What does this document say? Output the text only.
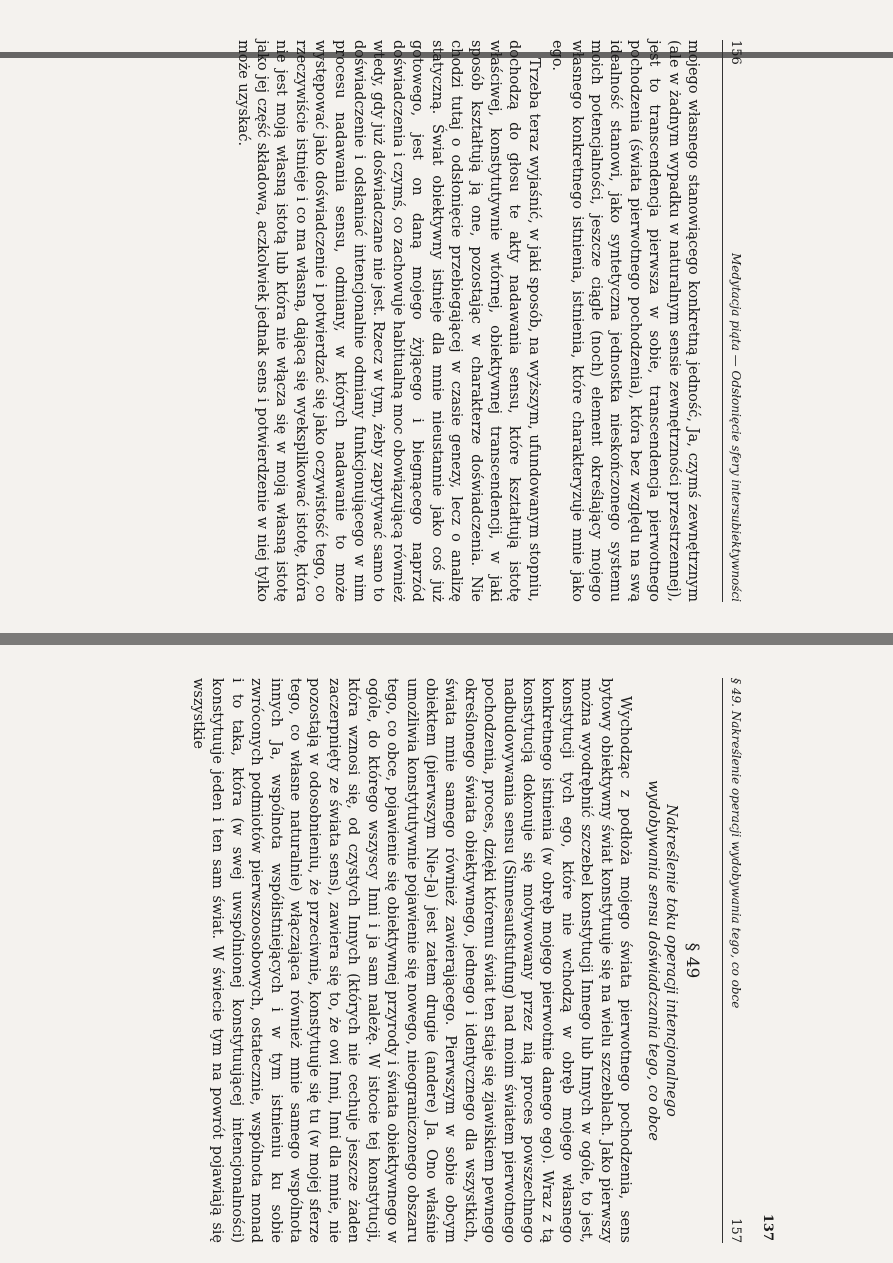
156
Medytacja piąta — Odsłonięcie sfery intersubiektywności

mojego własnego stanowiącego konkretną jedność, Ja, czymś zewnętrznym (ale w żadnym wypadku w naturalnym sensie zewnętrzności przestrzennej), jest to transcendencja pierwsza w sobie, transcendencja pierwotnego pochodzenia (świata pierwotnego pochodzenia), która bez względu na swą idealność stanowi, jako syntetyczna jednostka nieskończonego systemu moich potencjalności, jeszcze ciągle (noch) element określający mojego własnego konkretnego istnienia, istnienia, które charakteryzuje mnie jako ego.

Trzeba teraz wyjaśnić, w jaki sposób, na wyższym, ufundowanym stopniu, dochodzą do głosu te akty nadawania sensu, które kształtują istotę właściwej, konstytutywnie wtórnej, obiektywnej transcendencji, w jaki sposób kształtują ją one, pozostając w charakterze doświadczenia. Nie chodzi tutaj o odsłonięcie przebiegającej w czasie genezy, lecz o analizę statyczną. Świat obiektywny istnieje dla mnie nieustannie jako coś już gotowego, jest on daną mojego żyjącego i biegnącego naprzód doświadczenia i czymś, co zachowuje habitualną moc obowiązującą również wtedy, gdy już doświadczane nie jest. Rzecz w tym, żeby zapytywać samo to doświadczenie i odsłaniać intencjonalnie odmiany funkcjonującego w nim procesu nadawania sensu, odmiany, w których nadawanie to może występować jako doświadczenie i potwierdzać się jako oczywistość tego, co rzeczywiście istnieje i co ma własną, dającą się wyeksplikować istotę, która nie jest moją własną istotą lub która nie włącza się w moją własną istotę jako jej część składowa, aczkolwiek jednak sens i potwierdzenie w niej tylko może uzyskać.

§ 49. Nakreślenie operacji wydobywania tego, co obce
157 137
§ 49
Nakreślenie toku operacji intencjonalnego
wydobywania sensu doświadczania tego, co obce

Wychodząc z podłoża mojego świata pierwotnego pochodzenia, sens bytowy obiektywny świat konstytuuje się na wielu szczeblach. Jako pierwszy można wyodrębnić szczebel konstytucji Innego lub Innych w ogóle, to jest, konstytucji tych ego, które nie wchodzą w obręb mojego własnego konkretnego istnienia (w obręb mojego pierwotnie danego ego). Wraz z tą konstytucją dokonuje się motywowany przez nią proces powszechnego nadbudowywania sensu (Sinnesaufstufung) nad moim światem pierwotnego pochodzenia, proces, dzięki któremu świat ten staje się zjawiskiem pewnego określonego świata obiektywnego, jednego i identycznego dla wszystkich, świata mnie samego również zawierającego. Pierwszym w sobie obcym obiektem (pierwszym Nie-Ja) jest zatem drugie (andere) Ja. Ono właśnie umożliwia konstytutywnie pojawienie się nowego, nieograniczonego obszaru tego, co obce, pojawienie się obiektywnej przyrody i świata obiektywnego w ogóle, do którego wszyscy Inni i ja sam należę. W istocie tej konstytucji, która wznosi się, od czystych Innych (których nie cechuje jeszcze żaden zaczerpnięty ze świata sens), zawiera się to, że owi Inni, Inni dla mnie, nie pozostają w odosobnieniu, że przeciwnie, konstytuuje się tu (w mojej sferze tego, co własne naturalnie) włączająca również mnie samego wspólnota innych Ja, wspólnota współistniejących i w tym istnieniu ku sobie zwróconych podmiotów pierwszoosobowych, ostatecznie, wspólnota monad i to taka, która (w swej uwspólnionej konstytuującej intencjonalności) konstytuuje jeden i ten sam świat. W świecie tym na powrót pojawiają się wszystkie
